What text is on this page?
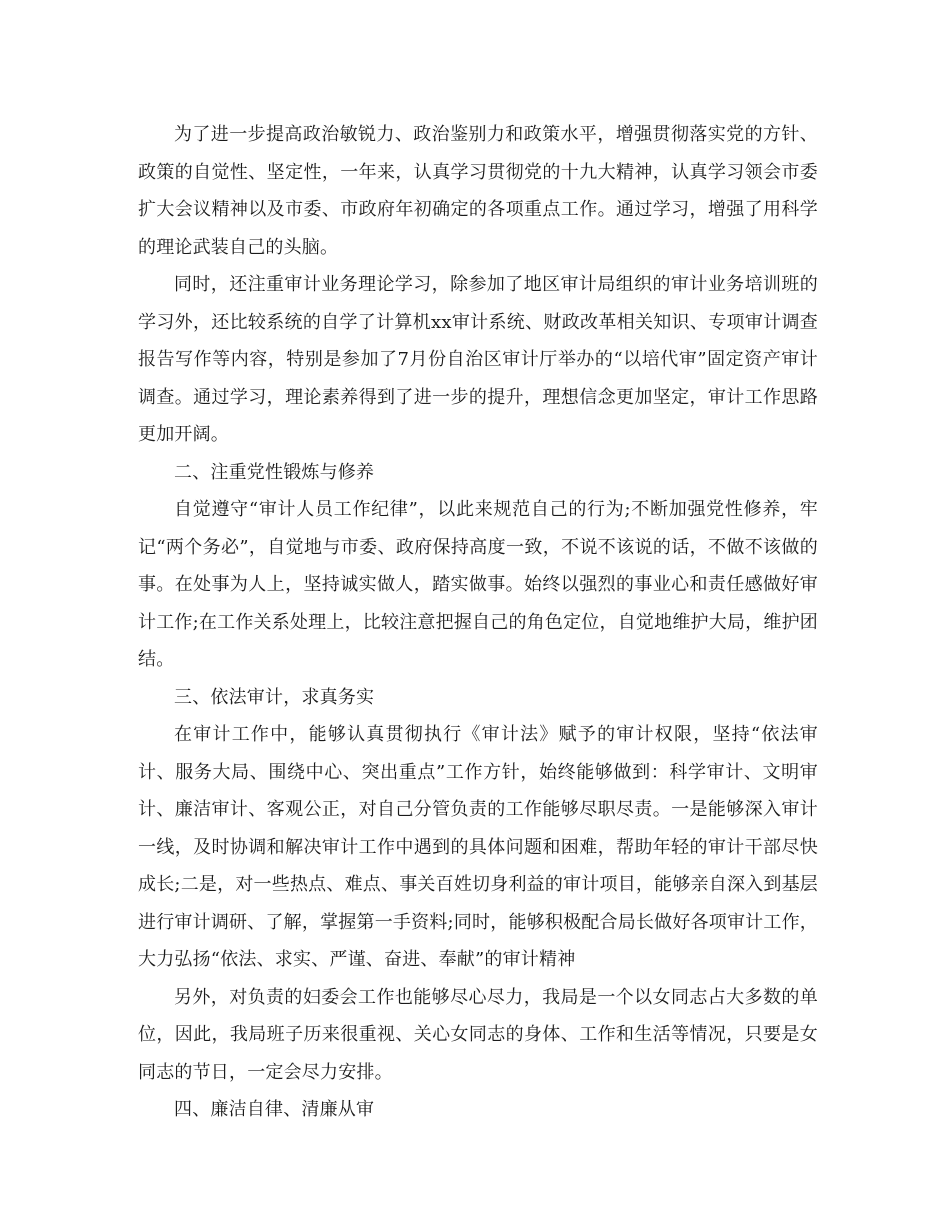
为了进一步提高政治敏锐力、政治鉴别力和政策水平，增强贯彻落实党的方针、政策的自觉性、坚定性，一年来，认真学习贯彻党的十九大精神，认真学习领会市委扩大会议精神以及市委、市政府年初确定的各项重点工作。通过学习，增强了用科学的理论武装自己的头脑。

同时，还注重审计业务理论学习，除参加了地区审计局组织的审计业务培训班的学习外，还比较系统的自学了计算机xx审计系统、财政改革相关知识、专项审计调查报告写作等内容，特别是参加了7月份自治区审计厅举办的“以培代审”固定资产审计调查。通过学习，理论素养得到了进一步的提升，理想信念更加坚定，审计工作思路更加开阔。

二、注重党性锻炼与修养

自觉遵守“审计人员工作纪律”，以此来规范自己的行为;不断加强党性修养，牢记“两个务必”，自觉地与市委、政府保持高度一致，不说不该说的话，不做不该做的事。在处事为人上，坚持诚实做人，踏实做事。始终以强烈的事业心和责任感做好审计工作;在工作关系处理上，比较注意把握自己的角色定位，自觉地维护大局，维护团结。

三、依法审计，求真务实

在审计工作中，能够认真贯彻执行《审计法》赋予的审计权限，坚持“依法审计、服务大局、围绕中心、突出重点”工作方针，始终能够做到：科学审计、文明审计、廉洁审计、客观公正，对自己分管负责的工作能够尽职尽责。一是能够深入审计一线，及时协调和解决审计工作中遇到的具体问题和困难，帮助年轻的审计干部尽快成长;二是，对一些热点、难点、事关百姓切身利益的审计项目，能够亲自深入到基层进行审计调研、了解，掌握第一手资料;同时，能够积极配合局长做好各项审计工作，大力弘扬“依法、求实、严谨、奋进、奉献”的审计精神

另外，对负责的妇委会工作也能够尽心尽力，我局是一个以女同志占大多数的单位，因此，我局班子历来很重视、关心女同志的身体、工作和生活等情况，只要是女同志的节日，一定会尽力安排。

四、廉洁自律、清廉从审
